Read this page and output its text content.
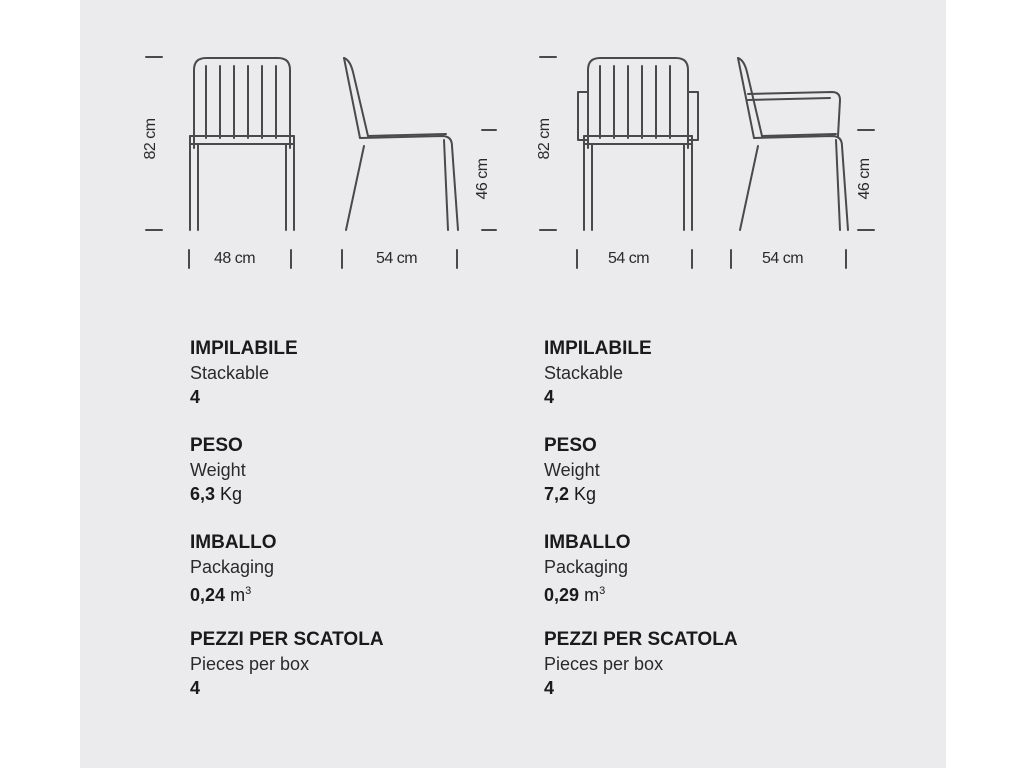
82 cm
48 cm
46 cm
54 cm
82 cm
54 cm
46 cm
54 cm
IMPILABILE
Stackable
4
PESO
Weight
6,3 Kg
IMBALLO
Packaging
0,24 $m^3$
PEZZI PER SCATOLA
Pieces per box
4
IMPILABILE
Stackable
4
PESO
Weight
7,2 Kg
IMBALLO
Packaging
0,29 $m^3$
PEZZI PER SCATOLA
Pieces per box
4
